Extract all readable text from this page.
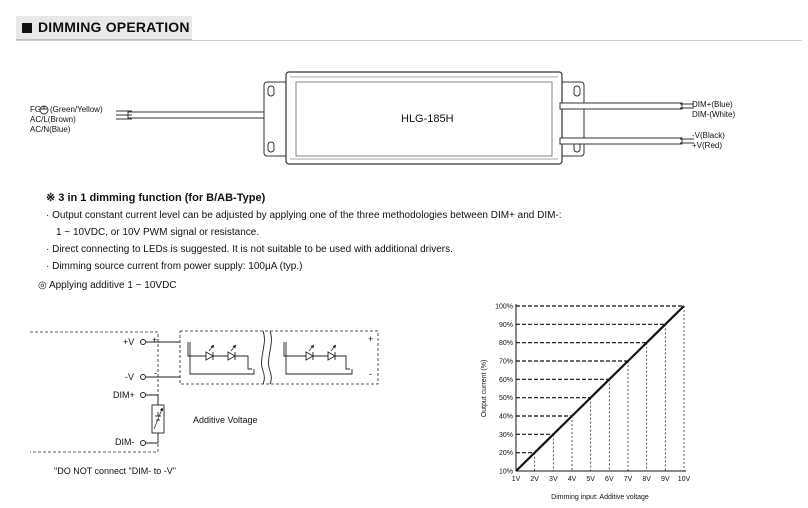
DIMMING OPERATION
HLG-185H
FG (Green/Yellow)
AC/L(Brown)
AC/N(Blue)
DIM+(Blue)
DIM-(White)
-V(Black)
+V(Red)
※ 3 in 1 dimming function (for B/AB-Type)
· Output constant current level can be adjusted by applying one of the three methodologies between DIM+ and DIM-:
1 ~ 10VDC, or 10V PWM signal or resistance.
· Direct connecting to LEDs is suggested. It is not suitable to be used with additional drivers.
· Dimming source current from power supply: 100μA (typ.)
◎ Applying additive 1 ~ 10VDC
+V
-V
DIM+
DIM-
+
-
+
-
Additive Voltage
"DO NOT connect "DIM- to -V"	10%
20%
30%
40%
50%
60%
70%
80%
90%
100%
1V 2V 3V 4V 5V 6V 7V 8V 9V 10V
Dimming input: Additive voltage
Output current (%)
